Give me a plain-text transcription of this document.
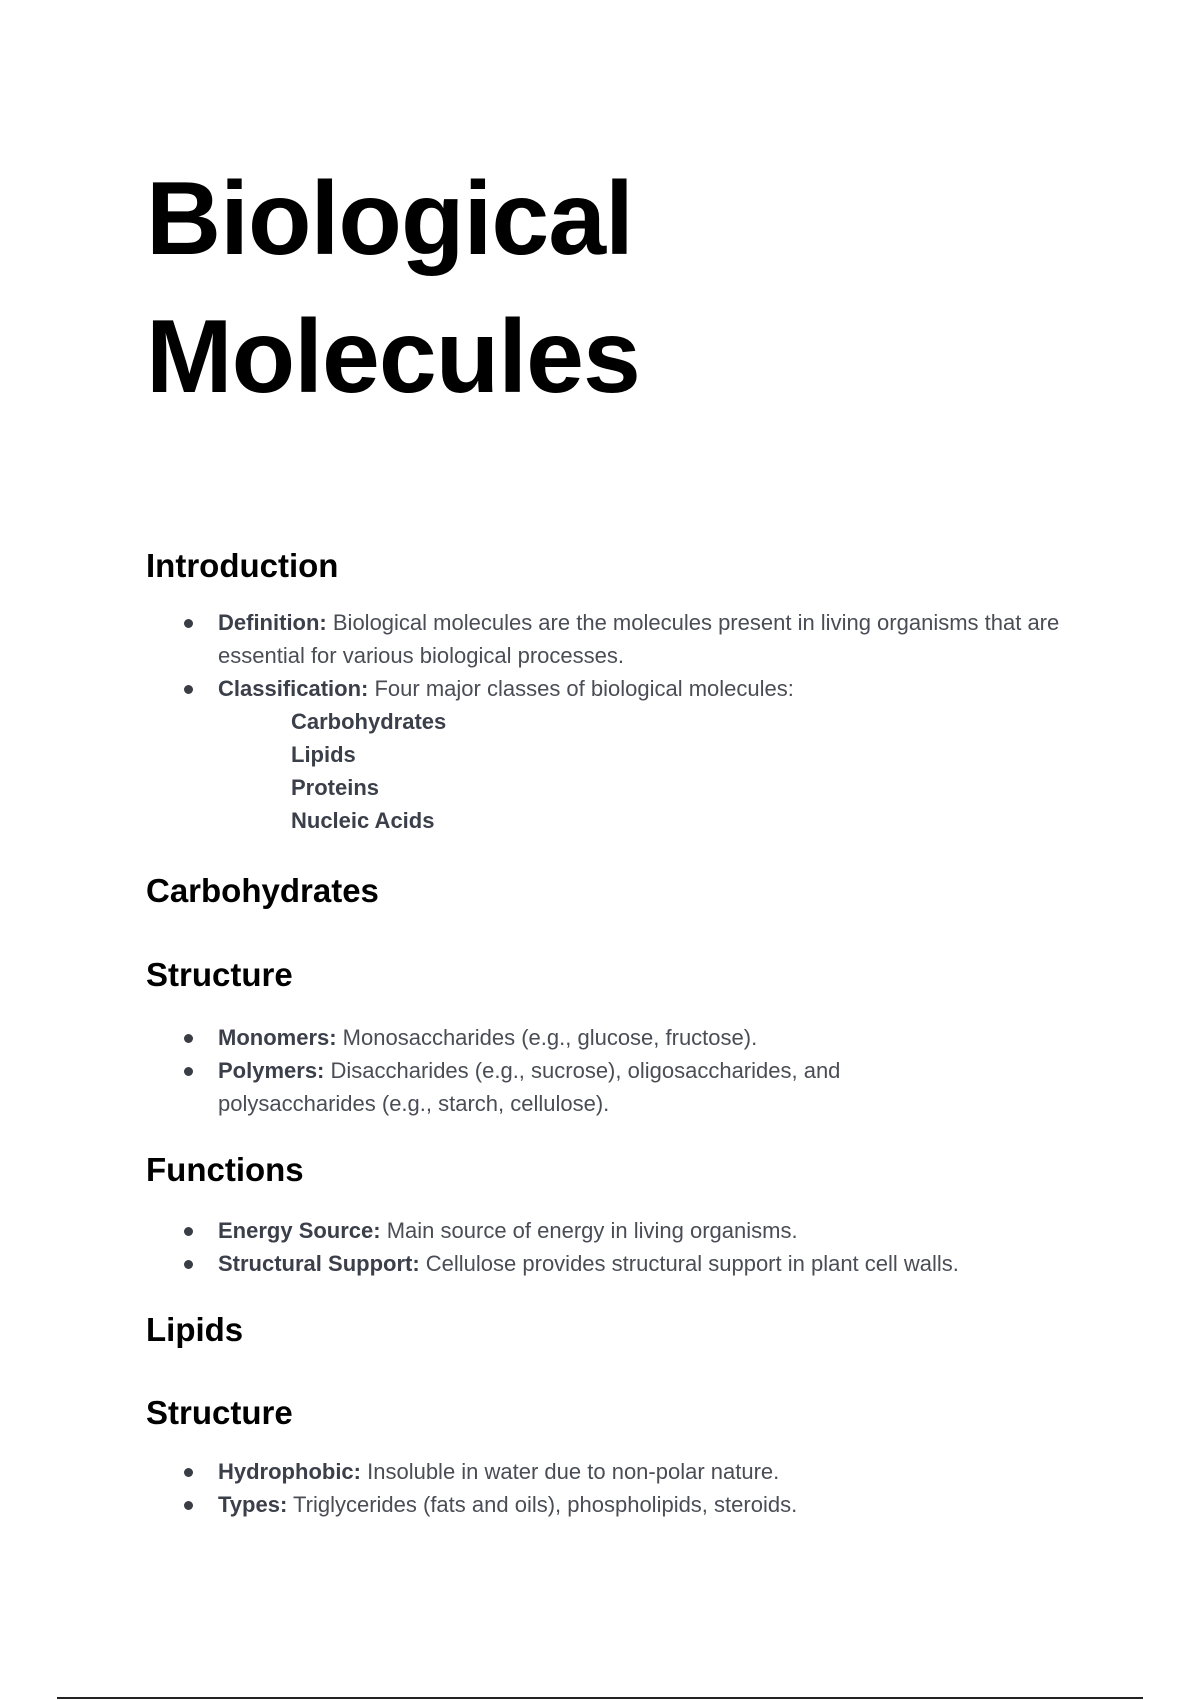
Biological
Molecules
Introduction
Definition: Biological molecules are the molecules present in living organisms that are essential for various biological processes.
Classification: Four major classes of biological molecules:
Carbohydrates
Lipids
Proteins
Nucleic Acids
Carbohydrates
Structure
Monomers: Monosaccharides (e.g., glucose, fructose).
Polymers: Disaccharides (e.g., sucrose), oligosaccharides, and polysaccharides (e.g., starch, cellulose).
Functions
Energy Source: Main source of energy in living organisms.
Structural Support: Cellulose provides structural support in plant cell walls.
Lipids
Structure
Hydrophobic: Insoluble in water due to non-polar nature.
Types: Triglycerides (fats and oils), phospholipids, steroids.
